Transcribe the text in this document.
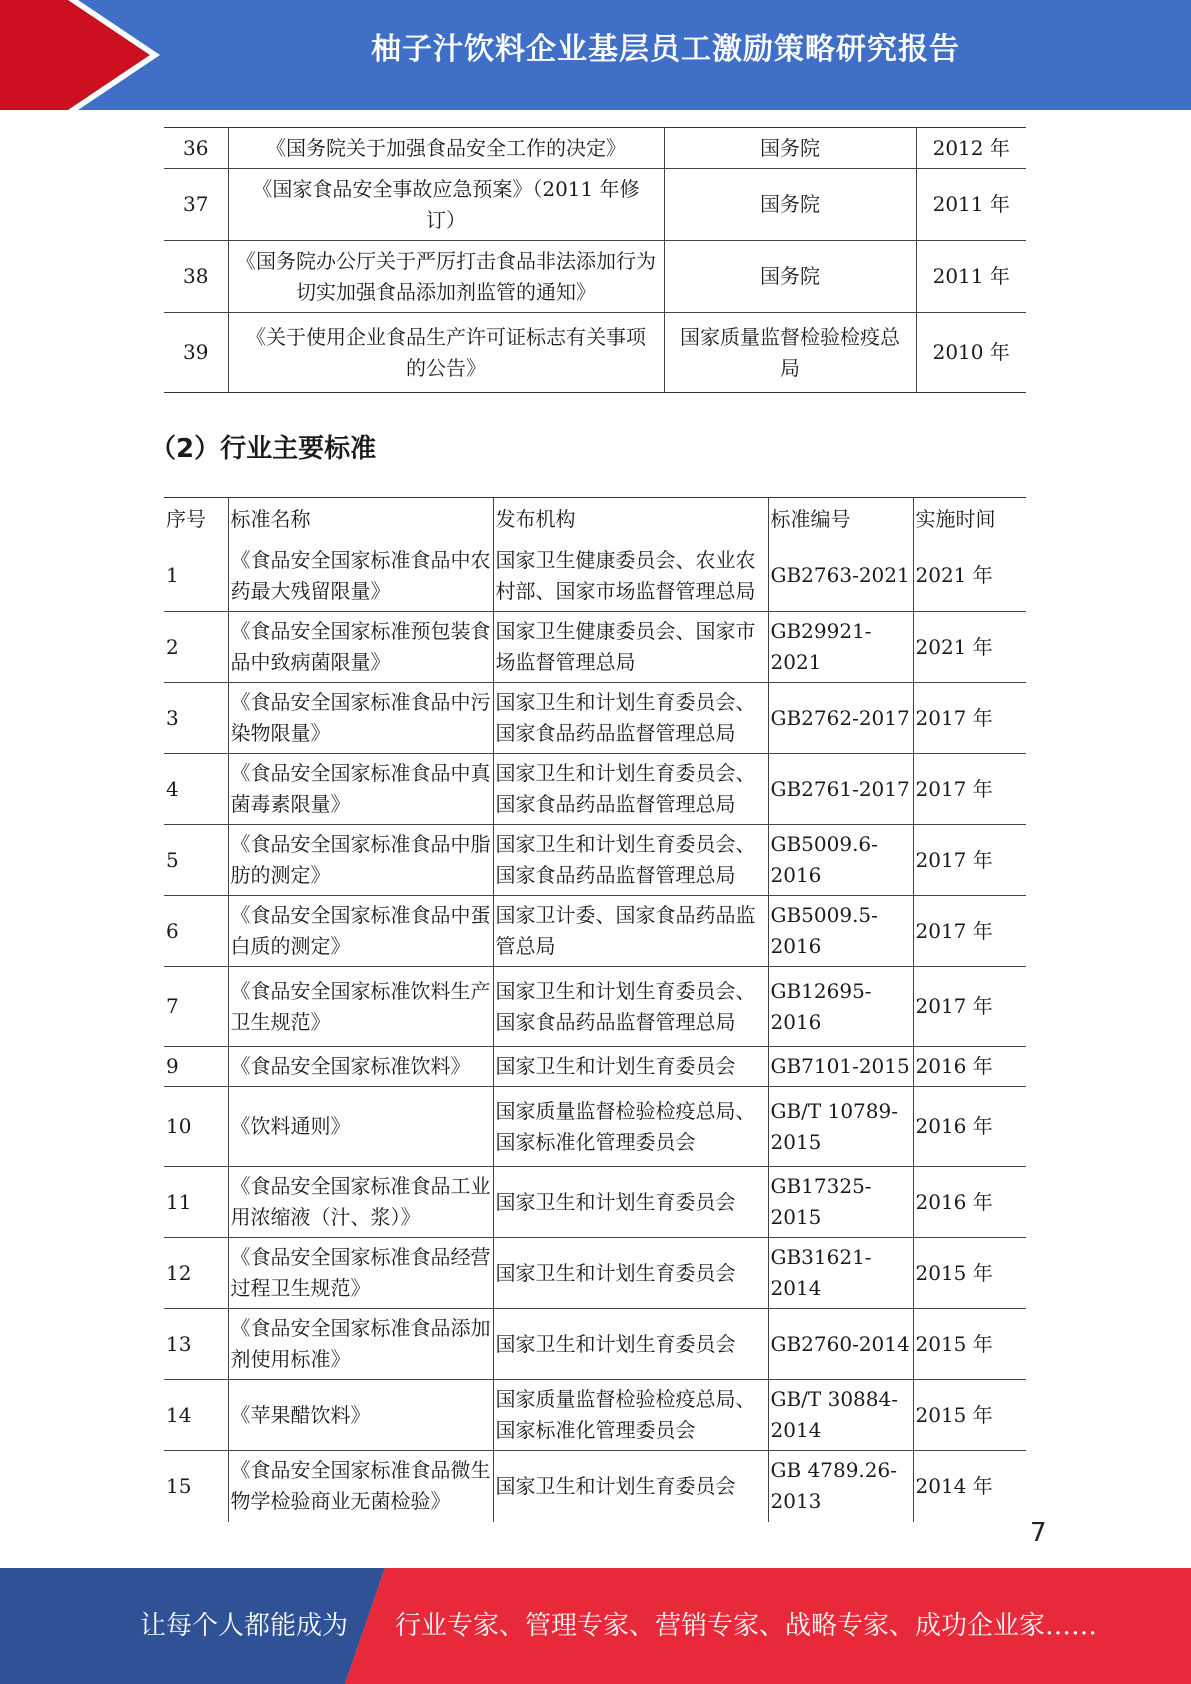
柚子汁饮料企业基层员工激励策略研究报告
36	《国务院关于加强食品安全工作的决定》	国务院	2012 年
37	《国家食品安全事故应急预案》（2011 年修订）	国务院	2011 年
38	《国务院办公厅关于严厉打击食品非法添加行为切实加强食品添加剂监管的通知》	国务院	2011 年
39	《关于使用企业食品生产许可证标志有关事项的公告》	国家质量监督检验检疫总局	2010 年
（2）行业主要标准
序号	标准名称	发布机构	标准编号	实施时间
1	《食品安全国家标准食品中农药最大残留限量》	国家卫生健康委员会、农业农村部、国家市场监督管理总局	GB2763-2021	2021 年
2	《食品安全国家标准预包装食品中致病菌限量》	国家卫生健康委员会、国家市场监督管理总局	GB29921-2021	2021 年
3	《食品安全国家标准食品中污染物限量》	国家卫生和计划生育委员会、国家食品药品监督管理总局	GB2762-2017	2017 年
4	《食品安全国家标准食品中真菌毒素限量》	国家卫生和计划生育委员会、国家食品药品监督管理总局	GB2761-2017	2017 年
5	《食品安全国家标准食品中脂肪的测定》	国家卫生和计划生育委员会、国家食品药品监督管理总局	GB5009.6-2016	2017 年
6	《食品安全国家标准食品中蛋白质的测定》	国家卫计委、国家食品药品监管总局	GB5009.5-2016	2017 年
7	《食品安全国家标准饮料生产卫生规范》	国家卫生和计划生育委员会、国家食品药品监督管理总局	GB12695-2016	2017 年
9	《食品安全国家标准饮料》	国家卫生和计划生育委员会	GB7101-2015	2016 年
10	《饮料通则》	国家质量监督检验检疫总局、国家标准化管理委员会	GB/T 10789-2015	2016 年
11	《食品安全国家标准食品工业用浓缩液（汁、浆）》	国家卫生和计划生育委员会	GB17325-2015	2016 年
12	《食品安全国家标准食品经营过程卫生规范》	国家卫生和计划生育委员会	GB31621-2014	2015 年
13	《食品安全国家标准食品添加剂使用标准》	国家卫生和计划生育委员会	GB2760-2014	2015 年
14	《苹果醋饮料》	国家质量监督检验检疫总局、国家标准化管理委员会	GB/T 30884-2014	2015 年
15	《食品安全国家标准食品微生物学检验商业无菌检验》	国家卫生和计划生育委员会	GB 4789.26-2013	2014 年
7
让每个人都能成为 行业专家、管理专家、营销专家、战略专家、成功企业家……
